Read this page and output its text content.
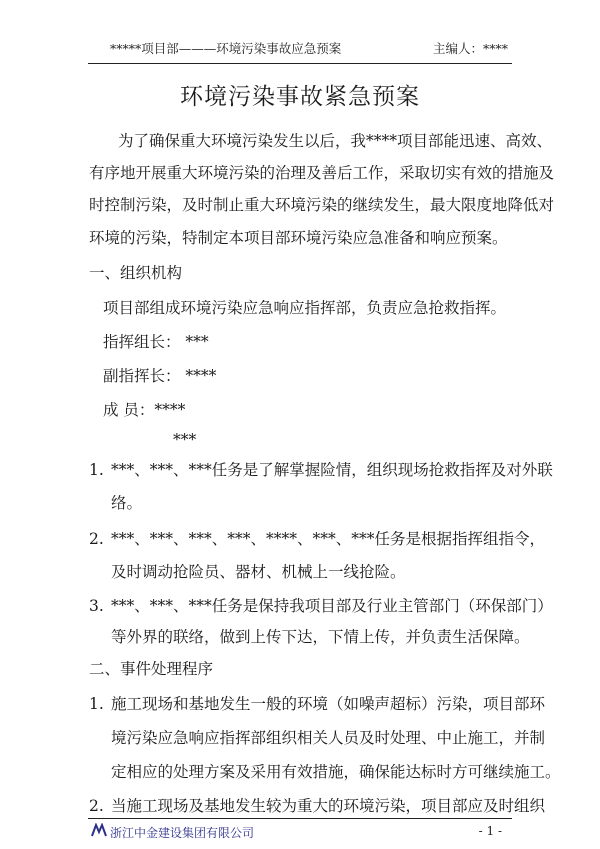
*****项目部———环境污染事故应急预案	主编人：****
环境污染事故紧急预案
为了确保重大环境污染发生以后，我****项目部能迅速、高效、
有序地开展重大环境污染的治理及善后工作，采取切实有效的措施及
时控制污染，及时制止重大环境污染的继续发生，最大限度地降低对
环境的污染，特制定本项目部环境污染应急准备和响应预案。
一、组织机构
项目部组成环境污染应急响应指挥部，负责应急抢救指挥。
指挥组长： ***
副指挥长： ****
成 员：****
***
1. ***、***、***任务是了解掌握险情，组织现场抢救指挥及对外联
络。
2. ***、***、***、***、****、***、***任务是根据指挥组指令，
及时调动抢险员、器材、机械上一线抢险。
3. ***、***、***任务是保持我项目部及行业主管部门（环保部门）
等外界的联络，做到上传下达，下情上传，并负责生活保障。
二、事件处理程序
1. 施工现场和基地发生一般的环境（如噪声超标）污染，项目部环
境污染应急响应指挥部组织相关人员及时处理、中止施工，并制
定相应的处理方案及采用有效措施，确保能达标时方可继续施工。
2. 当施工现场及基地发生较为重大的环境污染，项目部应及时组织
浙江中金建设集团有限公司	- 1 -
